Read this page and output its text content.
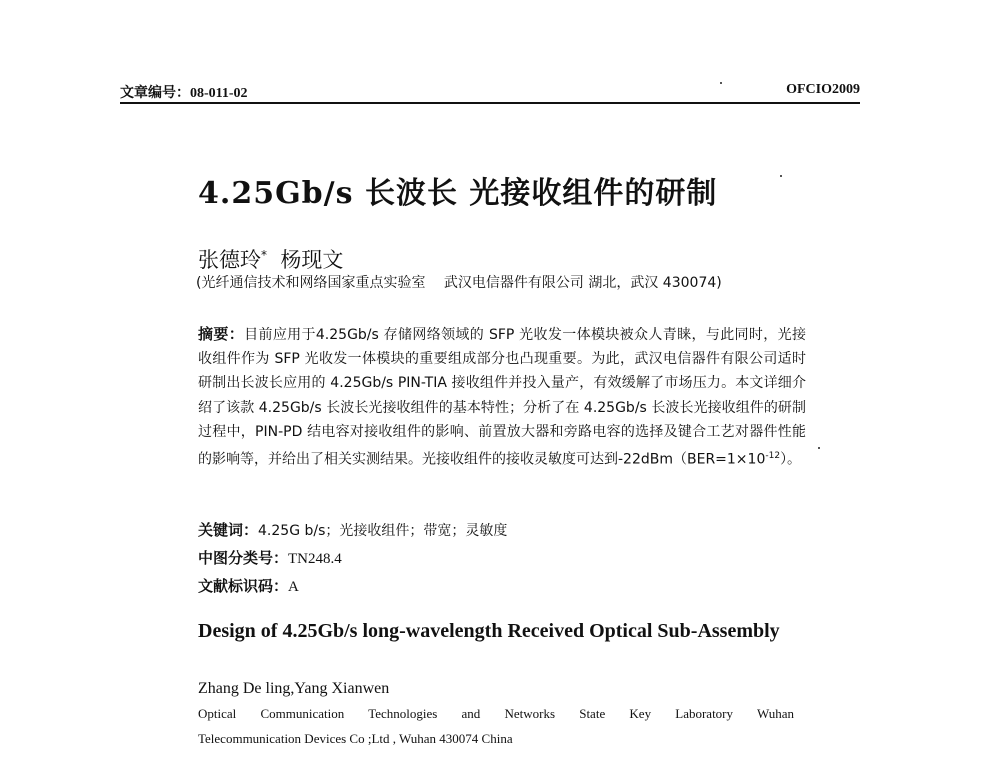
文章编号：08-011-02	OFCIO2009
4.25Gb/s 长波长 光接收组件的研制
张德玲*  杨现文
(光纤通信技术和网络国家重点实验室　 武汉电信器件有限公司 湖北，武汉 430074)
摘要：目前应用于4.25Gb/s 存储网络领域的 SFP 光收发一体模块被众人青睐，与此同时，光接收组件作为 SFP 光收发一体模块的重要组成部分也凸现重要。为此，武汉电信器件有限公司适时研制出长波长应用的 4.25Gb/s PIN-TIA 接收组件并投入量产，有效缓解了市场压力。本文详细介绍了该款 4.25Gb/s 长波长光接收组件的基本特性；分析了在 4.25Gb/s 长波长光接收组件的研制过程中，PIN-PD 结电容对接收组件的影响、前置放大器和旁路电容的选择及键合工艺对器件性能的影响等，并给出了相关实测结果。光接收组件的接收灵敏度可达到$-22dBm(BER=1\times 10^{-12})$。
关键词：4.25G b/s；光接收组件；带宽；灵敏度
中图分类号：TN248.4
文献标识码：A
Design of 4.25Gb/s long-wavelength Received Optical Sub-Assembly
Zhang De ling,Yang Xianwen
Optical Communication Technologies and Networks State Key Laboratory Wuhan
Telecommunication Devices Co ;Ltd , Wuhan 430074 China
